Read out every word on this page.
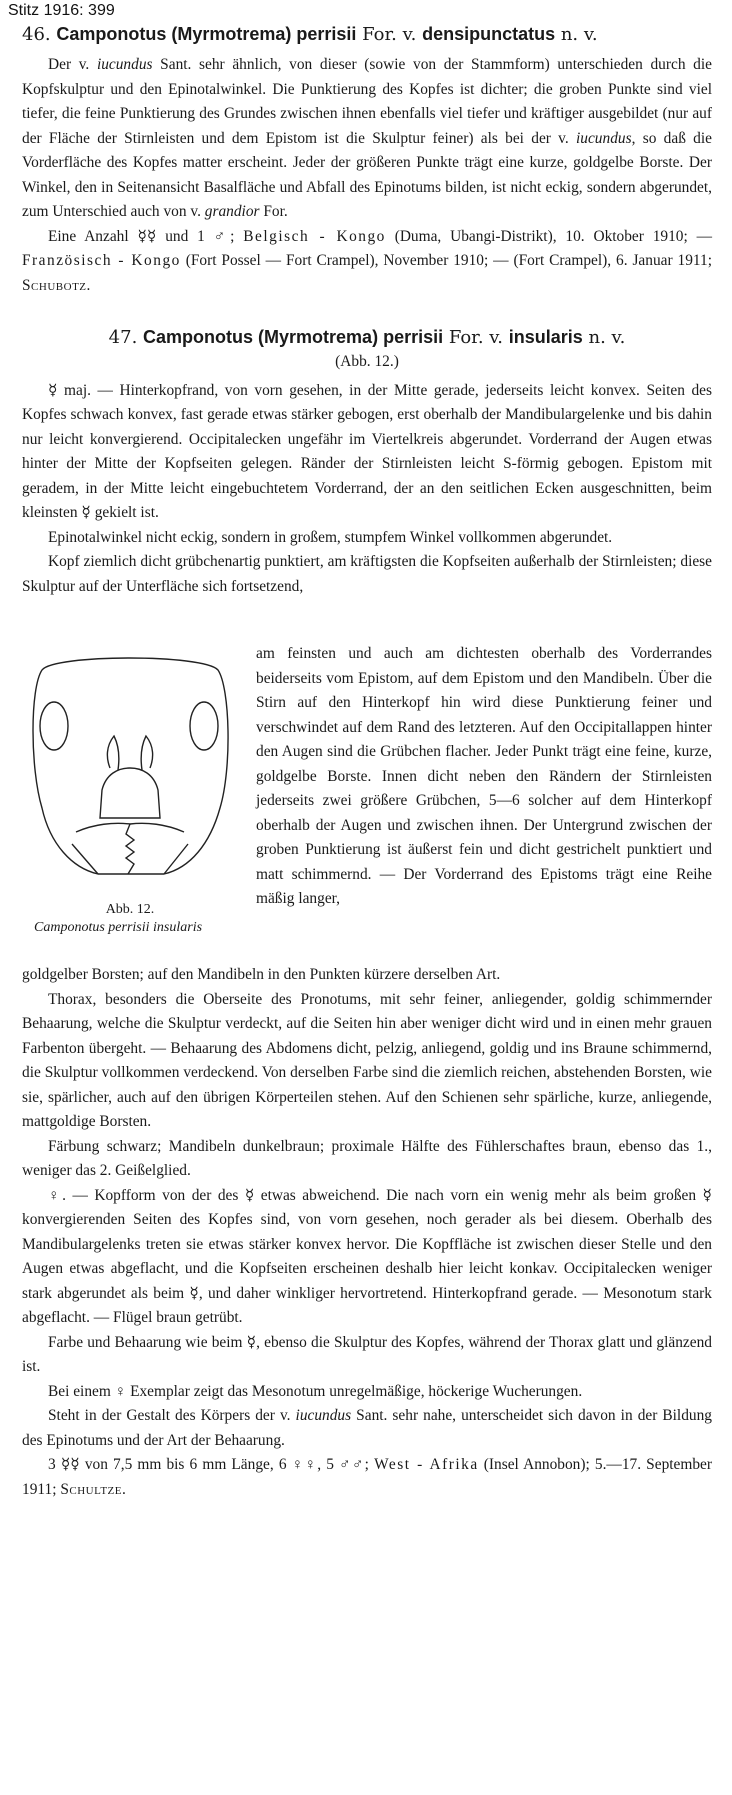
Stitz 1916: 399

46. Camponotus (Myrmotrema) perrisii For. v. densipunctatus n. v.

Der v. iucundus Sant. sehr ähnlich, von dieser (sowie von der Stammform) unterschieden durch die Kopfskulptur und den Epinotalwinkel. Die Punktierung des Kopfes ist dichter; die groben Punkte sind viel tiefer, die feine Punktierung des Grundes zwischen ihnen ebenfalls viel tiefer und kräftiger ausgebildet (nur auf der Fläche der Stirnleisten und dem Epistom ist die Skulptur feiner) als bei der v. iucundus, so daß die Vorderfläche des Kopfes matter erscheint. Jeder der größeren Punkte trägt eine kurze, goldgelbe Borste. Der Winkel, den in Seitenansicht Basalfläche und Abfall des Epinotums bilden, ist nicht eckig, sondern abgerundet, zum Unterschied auch von v. grandior For.

Eine Anzahl ☿☿ und 1 ♂; Belgisch - Kongo (Duma, Ubangi-Distrikt), 10. Oktober 1910; — Französisch - Kongo (Fort Possel — Fort Crampel), November 1910; — (Fort Crampel), 6. Januar 1911; Schubotz.

47. Camponotus (Myrmotrema) perrisii For. v. insularis n. v.

(Abb. 12.)

☿ maj. — Hinterkopfrand, von vorn gesehen, in der Mitte gerade, jederseits leicht konvex. Seiten des Kopfes schwach konvex, fast gerade etwas stärker gebogen, erst oberhalb der Mandibulargelenke und bis dahin nur leicht konvergierend. Occipitalecken ungefähr im Viertelkreis abgerundet. Vorderrand der Augen etwas hinter der Mitte der Kopfseiten gelegen. Ränder der Stirnleisten leicht S-förmig gebogen. Epistom mit geradem, in der Mitte leicht eingebuchtetem Vorderrand, der an den seitlichen Ecken ausgeschnitten, beim kleinsten ☿ gekielt ist.

Epinotalwinkel nicht eckig, sondern in großem, stumpfem Winkel vollkommen abgerundet.

Kopf ziemlich dicht grübchenartig punktiert, am kräftigsten die Kopfseiten außerhalb der Stirnleisten; diese Skulptur auf der Unterfläche sich fortsetzend,

Abb. 12.
Camponotus perrisii insularis

am feinsten und auch am dichtesten oberhalb des Vorderrandes beiderseits vom Epistom, auf dem Epistom und den Mandibeln. Über die Stirn auf den Hinterkopf hin wird diese Punktierung feiner und verschwindet auf dem Rand des letzteren. Auf den Occipitallappen hinter den Augen sind die Grübchen flacher. Jeder Punkt trägt eine feine, kurze, goldgelbe Borste. Innen dicht neben den Rändern der Stirnleisten jederseits zwei größere Grübchen, 5—6 solcher auf dem Hinterkopf oberhalb der Augen und zwischen ihnen. Der Untergrund zwischen der groben Punktierung ist äußerst fein und dicht gestrichelt punktiert und matt schimmernd. — Der Vorderrand des Epistoms trägt eine Reihe mäßig langer,

goldgelber Borsten; auf den Mandibeln in den Punkten kürzere derselben Art.

Thorax, besonders die Oberseite des Pronotums, mit sehr feiner, anliegender, goldig schimmernder Behaarung, welche die Skulptur verdeckt, auf die Seiten hin aber weniger dicht wird und in einen mehr grauen Farbenton übergeht. — Behaarung des Abdomens dicht, pelzig, anliegend, goldig und ins Braune schimmernd, die Skulptur vollkommen verdeckend. Von derselben Farbe sind die ziemlich reichen, abstehenden Borsten, wie sie, spärlicher, auch auf den übrigen Körperteilen stehen. Auf den Schienen sehr spärliche, kurze, anliegende, mattgoldige Borsten.

Färbung schwarz; Mandibeln dunkelbraun; proximale Hälfte des Fühlerschaftes braun, ebenso das 1., weniger das 2. Geißelglied.

♀. — Kopfform von der des ☿ etwas abweichend. Die nach vorn ein wenig mehr als beim großen ☿ konvergierenden Seiten des Kopfes sind, von vorn gesehen, noch gerader als bei diesem. Oberhalb des Mandibulargelenks treten sie etwas stärker konvex hervor. Die Kopffläche ist zwischen dieser Stelle und den Augen etwas abgeflacht, und die Kopfseiten erscheinen deshalb hier leicht konkav. Occipitalecken weniger stark abgerundet als beim ☿, und daher winkliger hervortretend. Hinterkopfrand gerade. — Mesonotum stark abgeflacht. — Flügel braun getrübt.

Farbe und Behaarung wie beim ☿, ebenso die Skulptur des Kopfes, während der Thorax glatt und glänzend ist.

Bei einem ♀ Exemplar zeigt das Mesonotum unregelmäßige, höckerige Wucherungen.

Steht in der Gestalt des Körpers der v. iucundus Sant. sehr nahe, unterscheidet sich davon in der Bildung des Epinotums und der Art der Behaarung.

3 ☿☿ von 7,5 mm bis 6 mm Länge, 6 ♀♀, 5 ♂♂; West - Afrika (Insel Annobon); 5.—17. September 1911; Schultze.
